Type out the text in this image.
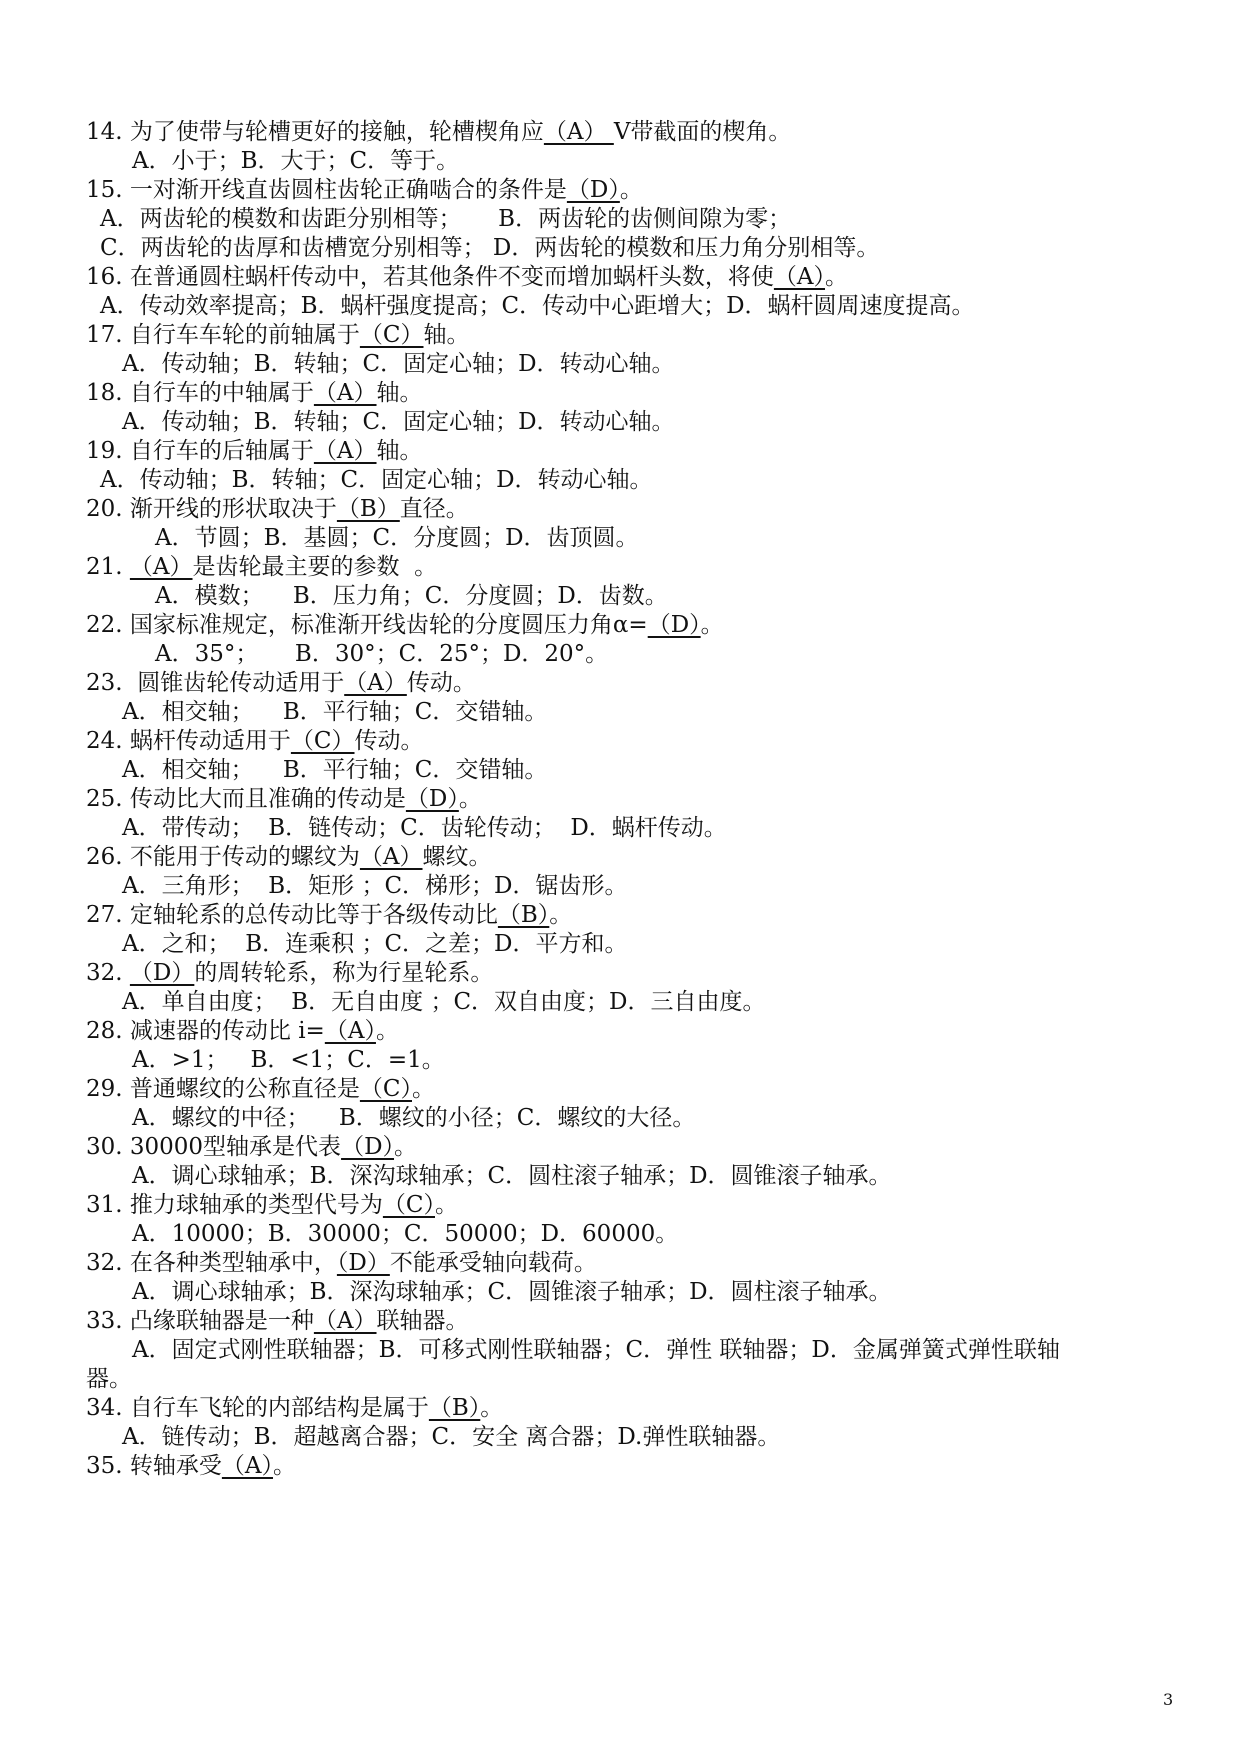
14. 为了使带与轮槽更好的接触，轮槽楔角应（A） V带截面的楔角。
A．小于；B．大于；C．等于。
15. 一对渐开线直齿圆柱齿轮正确啮合的条件是（D）。
A．两齿轮的模数和齿距分别相等；     B．两齿轮的齿侧间隙为零；
C．两齿轮的齿厚和齿槽宽分别相等； D．两齿轮的模数和压力角分别相等。
16. 在普通圆柱蜗杆传动中，若其他条件不变而增加蜗杆头数，将使（A）。
A．传动效率提高；B．蜗杆强度提高；C．传动中心距增大；D．蜗杆圆周速度提高。
17. 自行车车轮的前轴属于（C）轴。
A．传动轴；B．转轴；C．固定心轴；D．转动心轴。
18. 自行车的中轴属于（A）轴。
A．传动轴；B．转轴；C．固定心轴；D．转动心轴。
19. 自行车的后轴属于（A）轴。
A．传动轴；B．转轴；C．固定心轴；D．转动心轴。
20. 渐开线的形状取决于（B）直径。
A．节圆；B．基圆；C．分度圆；D．齿顶圆。
21. （A）是齿轮最主要的参数  。
A．模数；    B．压力角；C．分度圆；D．齿数。
22. 国家标准规定，标准渐开线齿轮的分度圆压力角α=（D）。
A．35°；     B．30°；C．25°；D．20°。
23.  圆锥齿轮传动适用于（A）传动。
A．相交轴；    B．平行轴；C．交错轴。
24. 蜗杆传动适用于（C）传动。
A．相交轴；    B．平行轴；C．交错轴。
25. 传动比大而且准确的传动是（D）。
A．带传动；  B．链传动；C．齿轮传动；  D．蜗杆传动。
26. 不能用于传动的螺纹为（A）螺纹。
A．三角形；  B．矩形 ；C．梯形；D．锯齿形。
27. 定轴轮系的总传动比等于各级传动比（B）。
A．之和；  B．连乘积 ；C．之差；D．平方和。
32. （D）的周转轮系，称为行星轮系。
A．单自由度；  B．无自由度 ；C．双自由度；D．三自由度。
28. 减速器的传动比 i=（A）。
A．>1；   B．<1；C．=1。
29. 普通螺纹的公称直径是（C）。
A．螺纹的中径；    B．螺纹的小径；C．螺纹的大径。
30. 30000型轴承是代表（D）。
A．调心球轴承；B．深沟球轴承；C．圆柱滚子轴承；D．圆锥滚子轴承。
31. 推力球轴承的类型代号为（C）。
A．10000；B．30000；C．50000；D．60000。
32. 在各种类型轴承中，（D）不能承受轴向载荷。
A．调心球轴承；B．深沟球轴承；C．圆锥滚子轴承；D．圆柱滚子轴承。
33. 凸缘联轴器是一种（A）联轴器。
A．固定式刚性联轴器；B．可移式刚性联轴器；C．弹性 联轴器；D．金属弹簧式弹性联轴
器。
34. 自行车飞轮的内部结构是属于（B）。
A．链传动；B．超越离合器；C．安全 离合器；D.弹性联轴器。
35. 转轴承受（A）。
3
